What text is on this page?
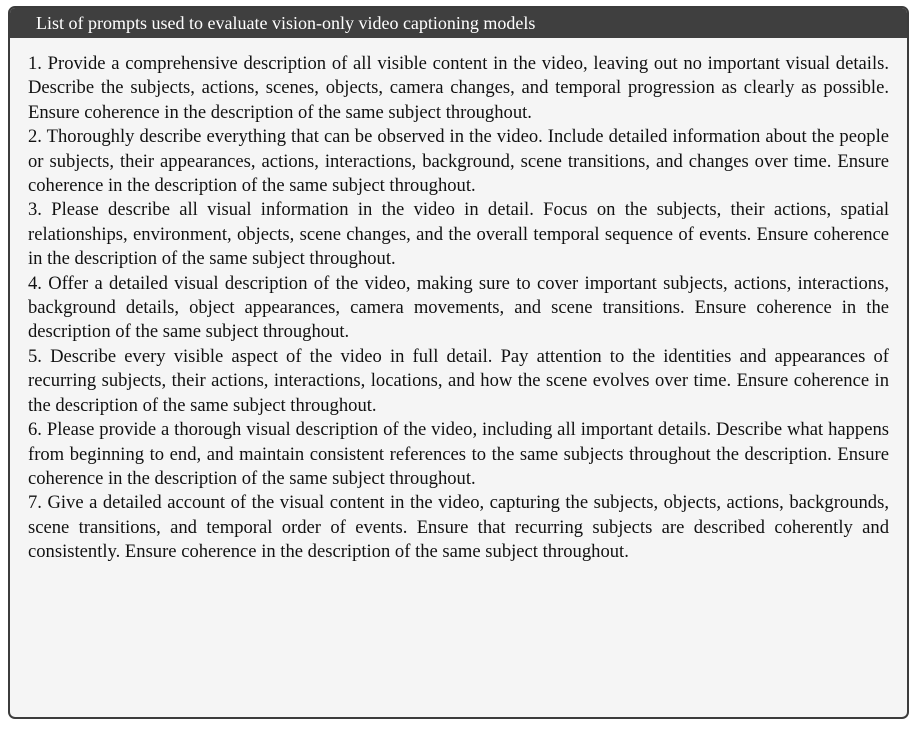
List of prompts used to evaluate vision-only video captioning models

1. Provide a comprehensive description of all visible content in the video, leaving out no important visual details. Describe the subjects, actions, scenes, objects, camera changes, and temporal progression as clearly as possible. Ensure coherence in the description of the same subject throughout.

2. Thoroughly describe everything that can be observed in the video. Include detailed information about the people or subjects, their appearances, actions, interactions, background, scene transitions, and changes over time. Ensure coherence in the description of the same subject throughout.

3. Please describe all visual information in the video in detail. Focus on the subjects, their actions, spatial relationships, environment, objects, scene changes, and the overall temporal sequence of events. Ensure coherence in the description of the same subject throughout.

4. Offer a detailed visual description of the video, making sure to cover important subjects, actions, interactions, background details, object appearances, camera movements, and scene transitions. Ensure coherence in the description of the same subject throughout.

5. Describe every visible aspect of the video in full detail. Pay attention to the identities and appearances of recurring subjects, their actions, interactions, locations, and how the scene evolves over time. Ensure coherence in the description of the same subject throughout.

6. Please provide a thorough visual description of the video, including all important details. Describe what happens from beginning to end, and maintain consistent references to the same subjects throughout the description. Ensure coherence in the description of the same subject throughout.

7. Give a detailed account of the visual content in the video, capturing the subjects, objects, actions, backgrounds, scene transitions, and temporal order of events. Ensure that recurring subjects are described coherently and consistently. Ensure coherence in the description of the same subject throughout.
